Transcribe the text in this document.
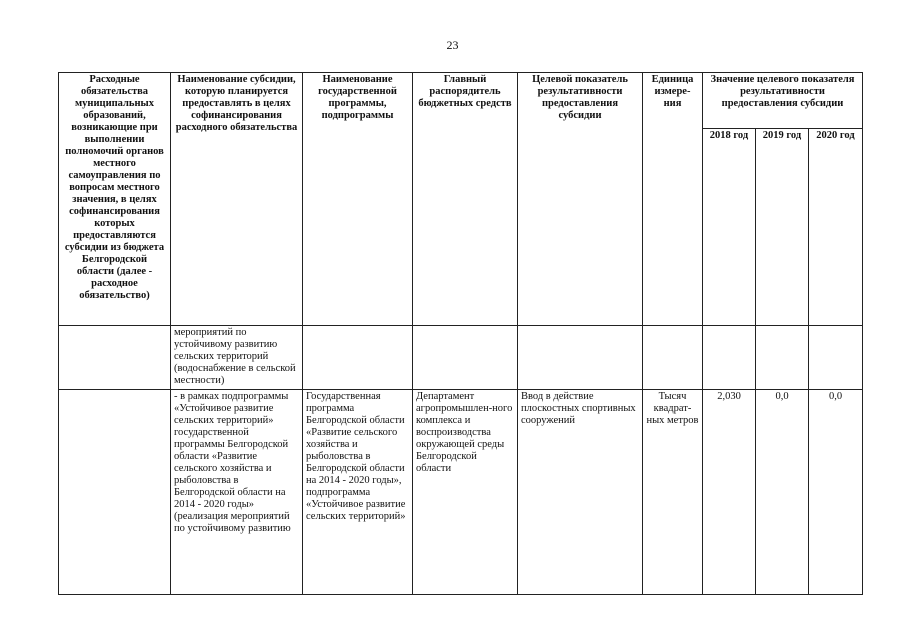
23
Расходные обязательства муниципальных образований, возникающие при выполнении полномочий органов местного самоуправления по вопросам местного значения, в целях софинансирования которых предоставляются субсидии из бюджета Белгородской области (далее - расходное обязательство)	Наименование субсидии, которую планируется предоставлять в целях софинансирования расходного обязательства	Наименование государственной программы, подпрограммы	Главный распорядитель бюджетных средств	Целевой показатель результативности предоставления субсидии	Единица измере-ния	Значение целевого показателя результативности предоставления субсидии		
						2018 год	2019 год	2020 год
	мероприятий по устойчивому развитию сельских территорий (водоснабжение в сельской местности)							
	- в рамках подпрограммы «Устойчивое развитие сельских территорий» государственной программы Белгородской области «Развитие сельского хозяйства и рыболовства в Белгородской области на 2014 - 2020 годы» (реализация мероприятий по устойчивому развитию	Государственная программа Белгородской области «Развитие сельского хозяйства и рыболовства в Белгородской области на 2014 - 2020 годы», подпрограмма «Устойчивое развитие сельских территорий»	Департамент агропромышлен-ного комплекса и воспроизводства окружающей среды Белгородской области	Ввод в действие плоскостных спортивных сооружений	Тысяч квадрат-ных метров	2,030	0,0	0,0
